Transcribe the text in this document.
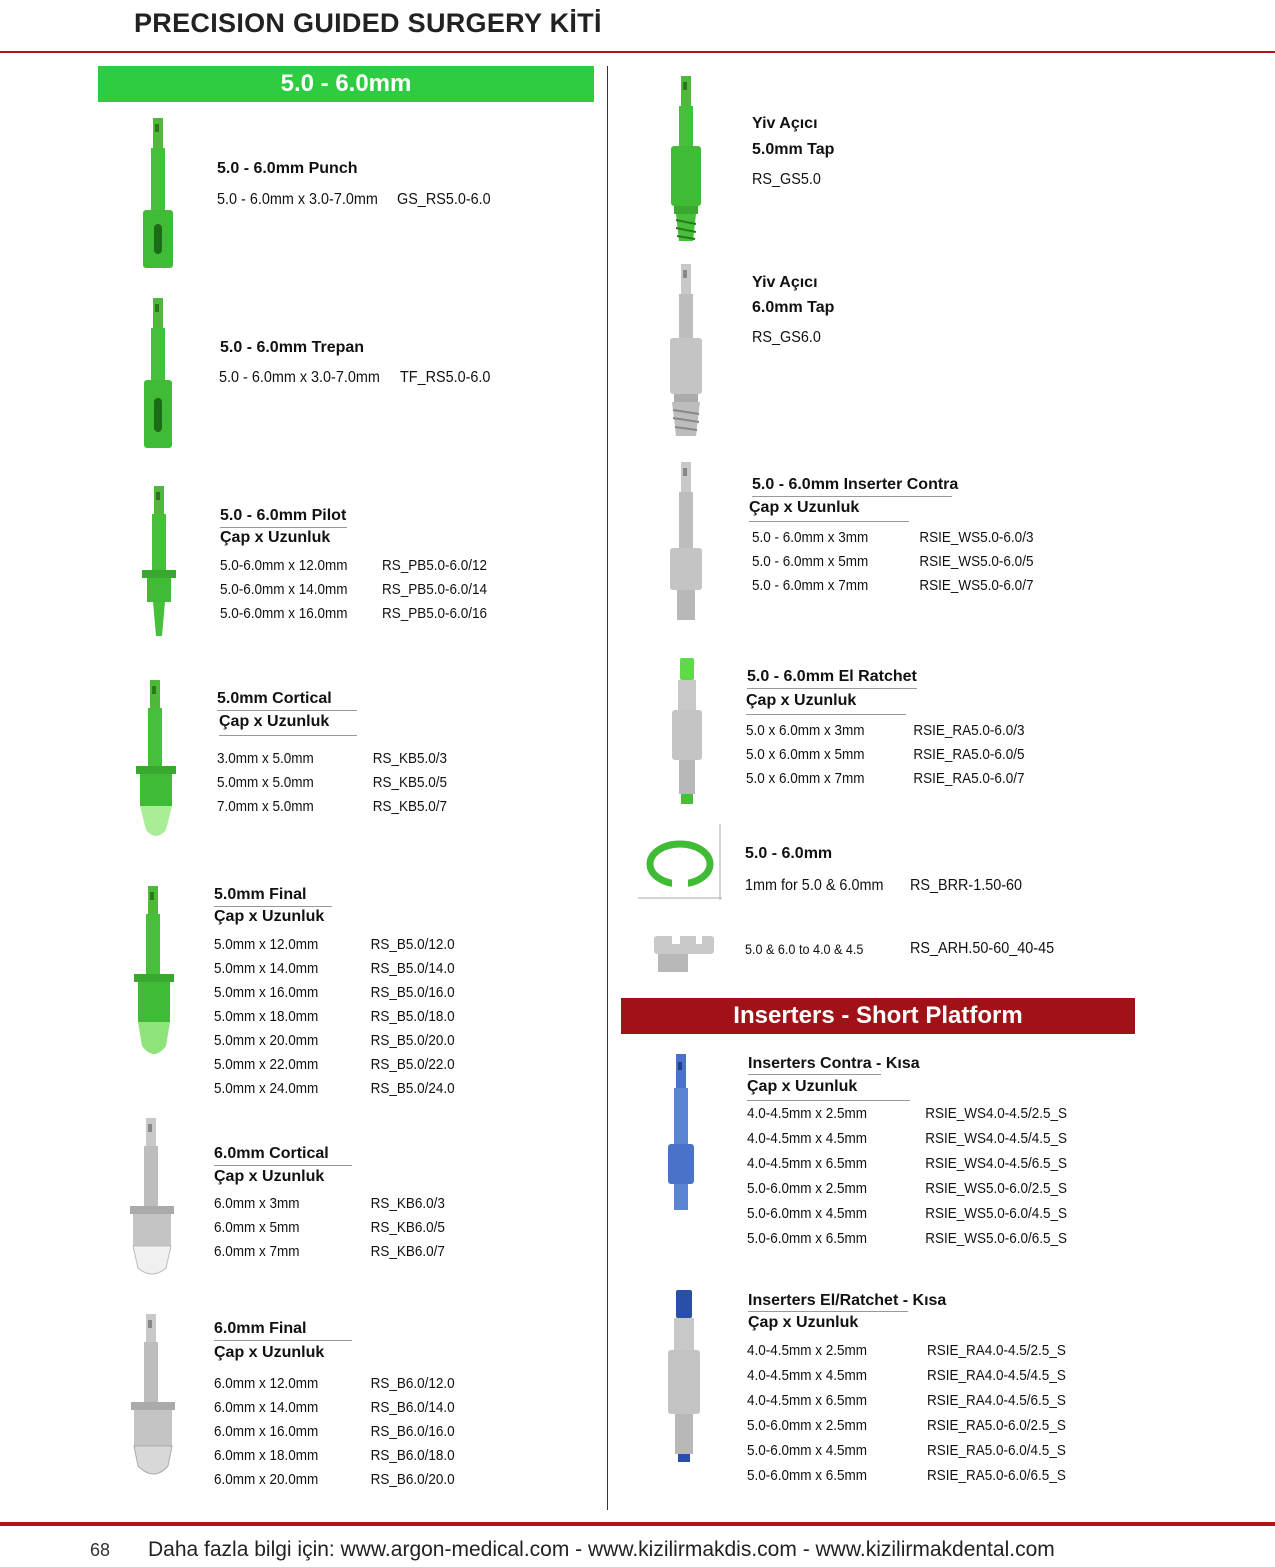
PRECISION GUIDED SURGERY KİTİ
5.0 - 6.0mm
Inserters - Short Platform
5.0 - 6.0mm Punch
5.0 - 6.0mm x 3.0-7.0mm GS_RS5.0-6.0
5.0 - 6.0mm Trepan
5.0 - 6.0mm x 3.0-7.0mm TF_RS5.0-6.0
5.0 - 6.0mm Pilot
Çap x Uzunluk
5.0-6.0mm x 12.0mm RS_PB5.0-6.0/12
5.0-6.0mm x 14.0mm RS_PB5.0-6.0/14
5.0-6.0mm x 16.0mm RS_PB5.0-6.0/16
5.0mm Cortical
Çap x Uzunluk
3.0mm x 5.0mm	RS_KB5.0/3
5.0mm x 5.0mm	RS_KB5.0/5
7.0mm x 5.0mm	RS_KB5.0/7
5.0mm Final
Çap x Uzunluk
5.0mm x 12.0mm	RS_B5.0/12.0
5.0mm x 14.0mm	RS_B5.0/14.0
5.0mm x 16.0mm	RS_B5.0/16.0
5.0mm x 18.0mm	RS_B5.0/18.0
5.0mm x 20.0mm	RS_B5.0/20.0
5.0mm x 22.0mm	RS_B5.0/22.0
5.0mm x 24.0mm	RS_B5.0/24.0
6.0mm Cortical
Çap x Uzunluk
6.0mm x 3mm	RS_KB6.0/3
6.0mm x 5mm	RS_KB6.0/5
6.0mm x 7mm	RS_KB6.0/7
6.0mm Final
Çap x Uzunluk
6.0mm x 12.0mm	RS_B6.0/12.0
6.0mm x 14.0mm	RS_B6.0/14.0
6.0mm x 16.0mm	RS_B6.0/16.0
6.0mm x 18.0mm	RS_B6.0/18.0
6.0mm x 20.0mm	RS_B6.0/20.0
Yiv Açıcı
5.0mm Tap
RS_GS5.0
Yiv Açıcı
6.0mm Tap
RS_GS6.0
5.0 - 6.0mm Inserter Contra
Çap x Uzunluk
5.0 - 6.0mm x 3mm	RSIE_WS5.0-6.0/3
5.0 - 6.0mm x 5mm	RSIE_WS5.0-6.0/5
5.0 - 6.0mm x 7mm	RSIE_WS5.0-6.0/7
5.0 - 6.0mm El Ratchet
Çap x Uzunluk
5.0 x 6.0mm x 3mm	RSIE_RA5.0-6.0/3
5.0 x 6.0mm x 5mm	RSIE_RA5.0-6.0/5
5.0 x 6.0mm x 7mm	RSIE_RA5.0-6.0/7
5.0 - 6.0mm
1mm for 5.0 & 6.0mm RS_BRR-1.50-60
5.0 & 6.0 to 4.0 & 4.5	RS_ARH.50-60_40-45
Inserters Contra - Kısa
Çap x Uzunluk
4.0-4.5mm x 2.5mm	RSIE_WS4.0-4.5/2.5_S
4.0-4.5mm x 4.5mm	RSIE_WS4.0-4.5/4.5_S
4.0-4.5mm x 6.5mm	RSIE_WS4.0-4.5/6.5_S
5.0-6.0mm x 2.5mm	RSIE_WS5.0-6.0/2.5_S
5.0-6.0mm x 4.5mm	RSIE_WS5.0-6.0/4.5_S
5.0-6.0mm x 6.5mm	RSIE_WS5.0-6.0/6.5_S
Inserters El/Ratchet - Kısa
Çap x Uzunluk
4.0-4.5mm x 2.5mm	RSIE_RA4.0-4.5/2.5_S
4.0-4.5mm x 4.5mm	RSIE_RA4.0-4.5/4.5_S
4.0-4.5mm x 6.5mm	RSIE_RA4.0-4.5/6.5_S
5.0-6.0mm x 2.5mm	RSIE_RA5.0-6.0/2.5_S
5.0-6.0mm x 4.5mm	RSIE_RA5.0-6.0/4.5_S
5.0-6.0mm x 6.5mm	RSIE_RA5.0-6.0/6.5_S
68 Daha fazla bilgi için: www.argon-medical.com - www.kizilirmakdis.com - www.kizilirmakdental.com
